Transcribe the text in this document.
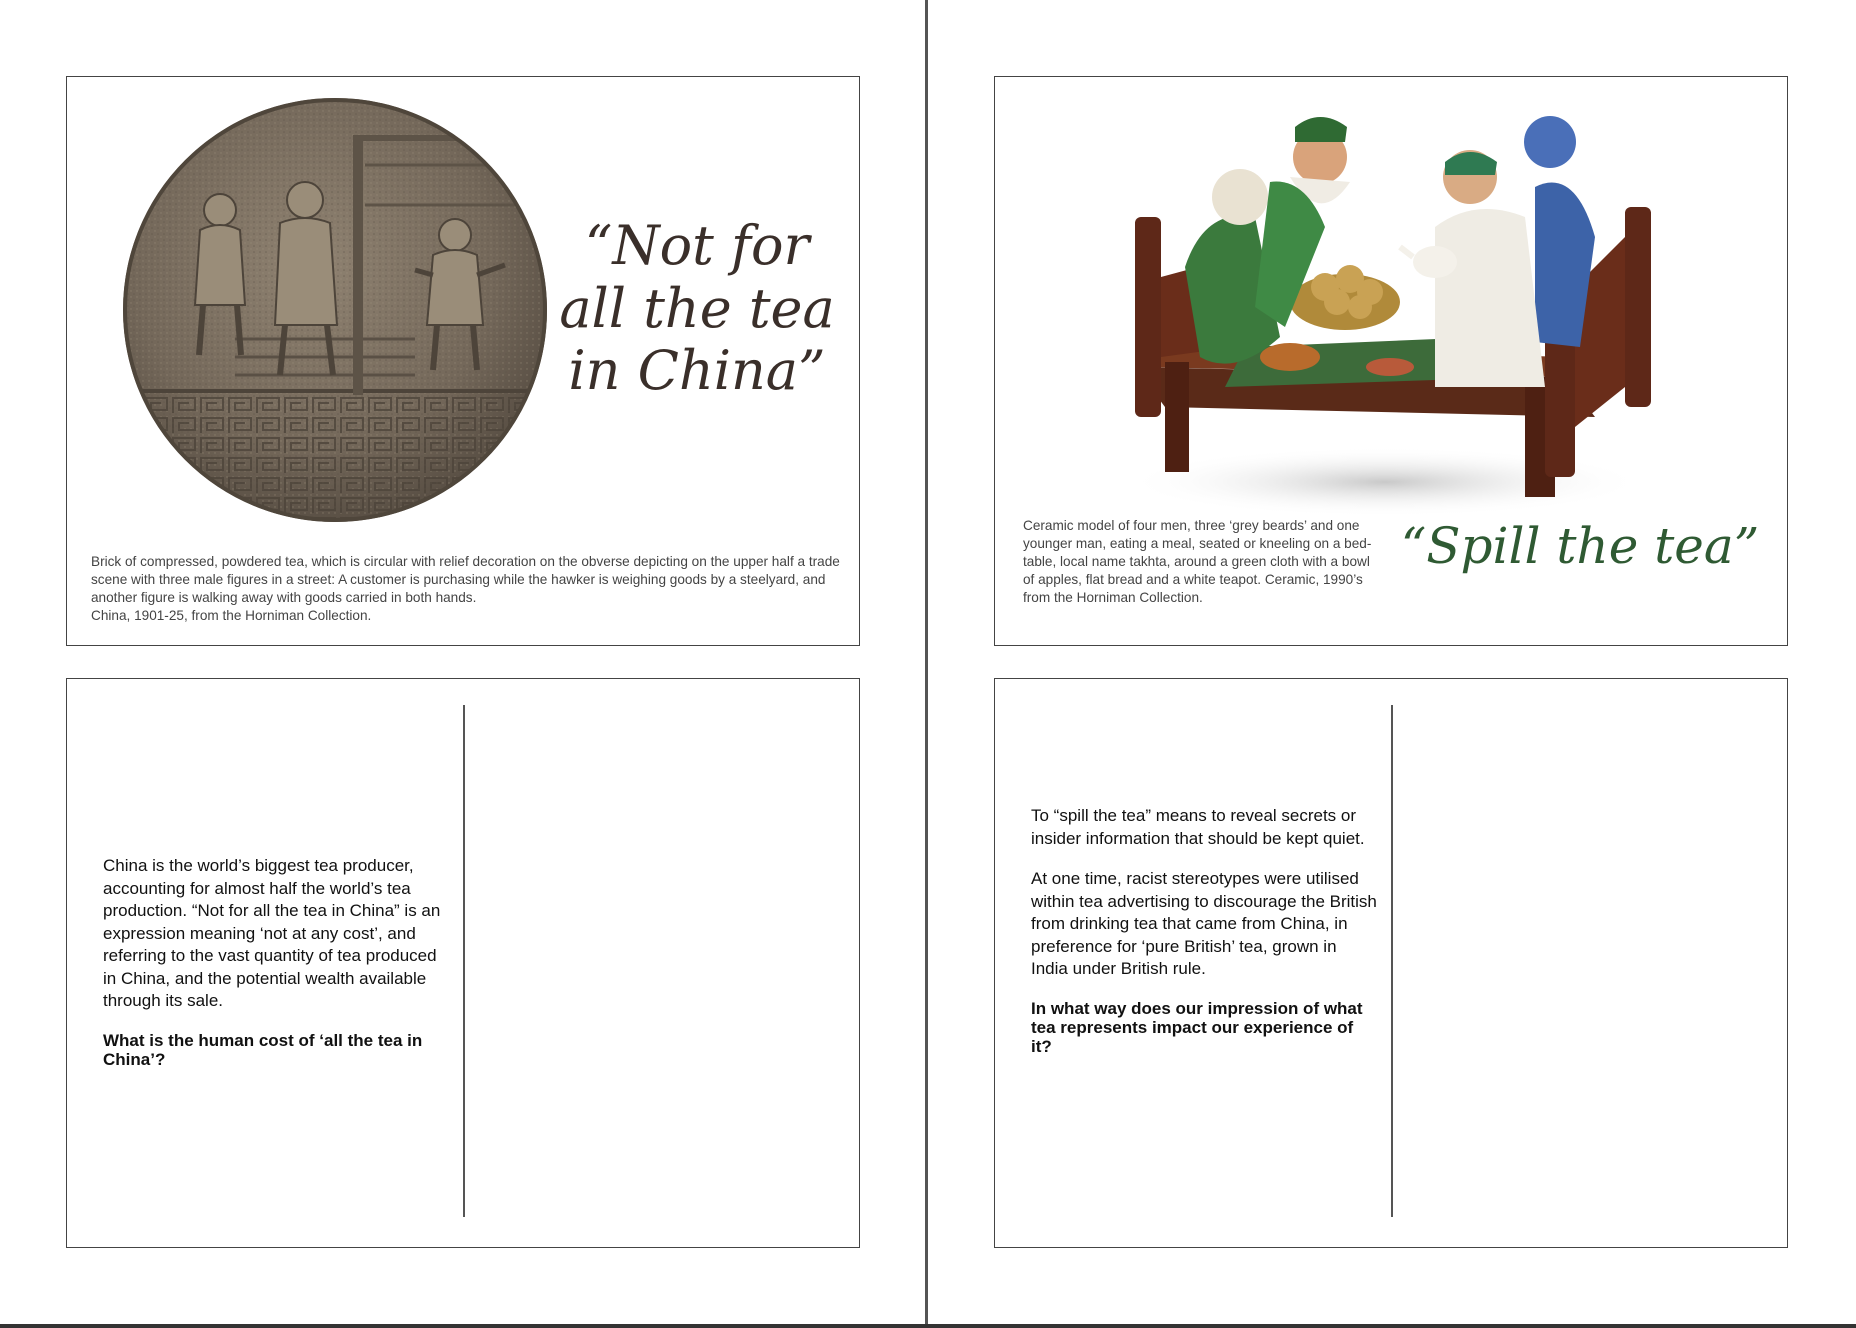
“Not for all the tea in China”

Brick of compressed, powdered tea, which is circular with relief decoration on the obverse depicting on the upper half a trade scene with three male figures in a street: A customer is purchasing while the hawker is weighing goods by a steelyard, and another figure is walking away with goods carried in both hands.
China, 1901-25, from the Horniman Collection.
Ceramic model of four men, three ‘grey beards’ and one younger man, eating a meal, seated or kneeling on a bed-table, local name takhta, around a green cloth with a bowl of apples, flat bread and a white teapot. Ceramic, 1990’s from the Horniman Collection.

“Spill the tea”

China is the world’s biggest tea producer, accounting for almost half the world’s tea production. “Not for all the tea in China” is an expression meaning ‘not at any cost’, and referring to the vast quantity of tea produced in China, and the potential wealth available through its sale.

What is the human cost of ‘all the tea in China’?

To “spill the tea” means to reveal secrets or insider information that should be kept quiet.

At one time, racist stereotypes were utilised within tea advertising to discourage the British from drinking tea that came from China, in preference for ‘pure British’ tea, grown in India under British rule.

In what way does our impression of what tea represents impact our experience of it?
